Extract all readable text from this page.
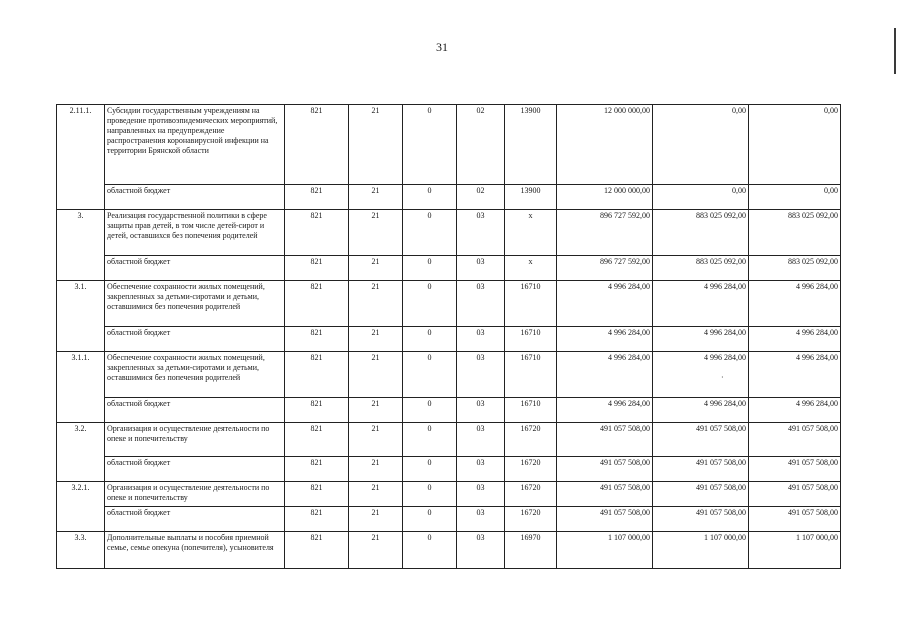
31
·
2.11.1.	Субсидии государственным учреждениям на проведение противоэпидемических мероприятий, направленных на предупреждение распространения коронавирусной инфекции на территории Брянской области	821	21	0	02	13900	12 000 000,00	0,00	0,00
	областной бюджет	821	21	0	02	13900	12 000 000,00	0,00	0,00
3.	Реализация государственной политики в сфере защиты прав детей, в том числе детей-сирот и детей, оставшихся без попечения родителей	821	21	0	03	х	896 727 592,00	883 025 092,00	883 025 092,00
	областной бюджет	821	21	0	03	х	896 727 592,00	883 025 092,00	883 025 092,00
3.1.	Обеспечение сохранности жилых помещений, закрепленных за детьми-сиротами и детьми, оставшимися без попечения родителей	821	21	0	03	16710	4 996 284,00	4 996 284,00	4 996 284,00
	областной бюджет	821	21	0	03	16710	4 996 284,00	4 996 284,00	4 996 284,00
3.1.1.	Обеспечение сохранности жилых помещений, закрепленных за детьми-сиротами и детьми, оставшимися без попечения родителей	821	21	0	03	16710	4 996 284,00	4 996 284,00	4 996 284,00
	областной бюджет	821	21	0	03	16710	4 996 284,00	4 996 284,00	4 996 284,00
3.2.	Организация и осуществление деятельности по опеке и попечительству	821	21	0	03	16720	491 057 508,00	491 057 508,00	491 057 508,00
	областной бюджет	821	21	0	03	16720	491 057 508,00	491 057 508,00	491 057 508,00
3.2.1.	Организация и осуществление деятельности по опеке и попечительству	821	21	0	03	16720	491 057 508,00	491 057 508,00	491 057 508,00
	областной бюджет	821	21	0	03	16720	491 057 508,00	491 057 508,00	491 057 508,00
3.3.	Дополнительные выплаты и пособия приемной семье, семье опекуна (попечителя), усыновителя	821	21	0	03	16970	1 107 000,00	1 107 000,00	1 107 000,00
